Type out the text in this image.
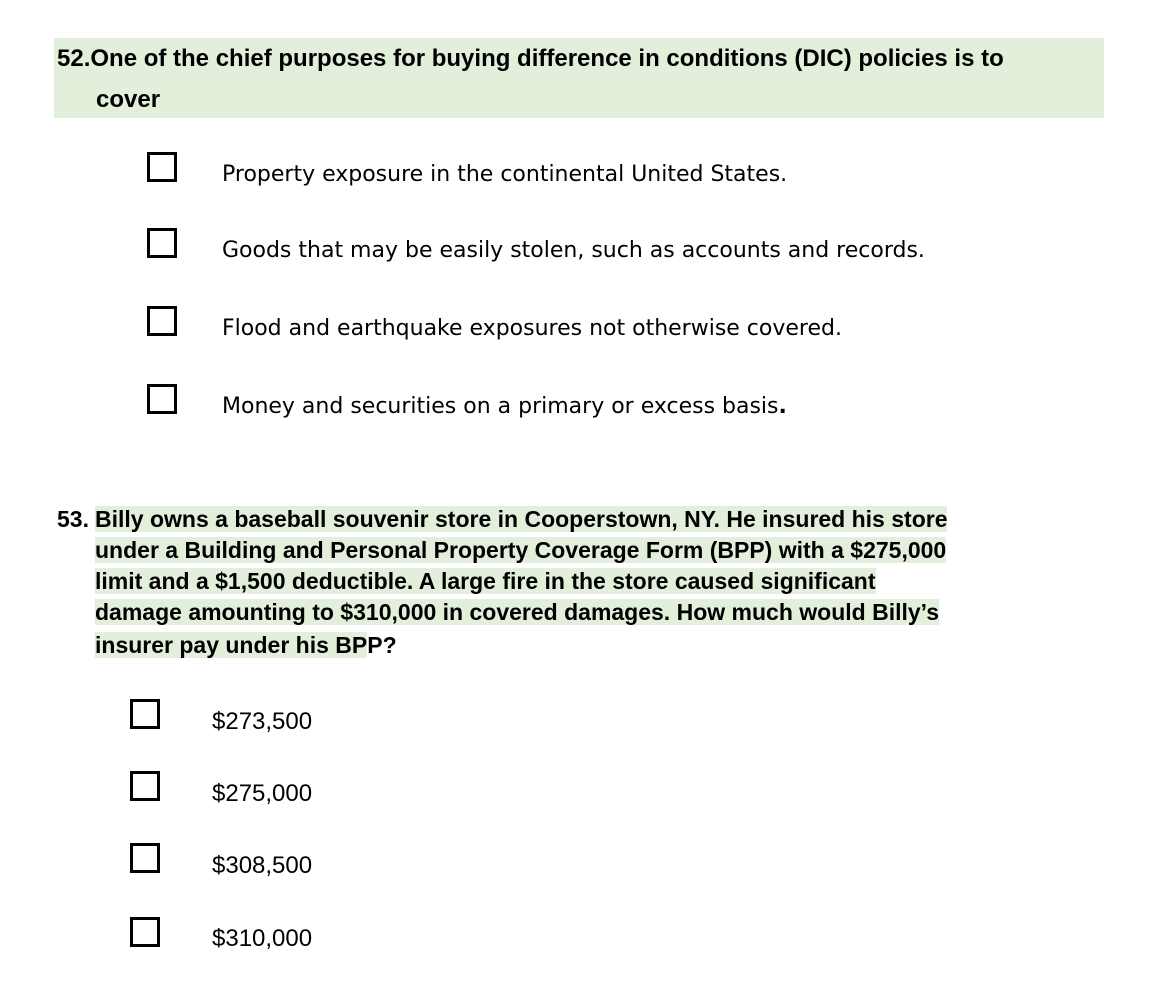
52.One of the chief purposes for buying difference in conditions (DIC) policies is to
cover
Property exposure in the continental United States.
Goods that may be easily stolen, such as accounts and records.
Flood and earthquake exposures not otherwise covered.
Money and securities on a primary or excess basis.
53. Billy owns a baseball souvenir store in Cooperstown, NY. He insured his store
under a Building and Personal Property Coverage Form (BPP) with a $275,000
limit and a $1,500 deductible. A large fire in the store caused significant
damage amounting to $310,000 in covered damages. How much would Billy’s
insurer pay under his BPP?
$273,500
$275,000
$308,500
$310,000
